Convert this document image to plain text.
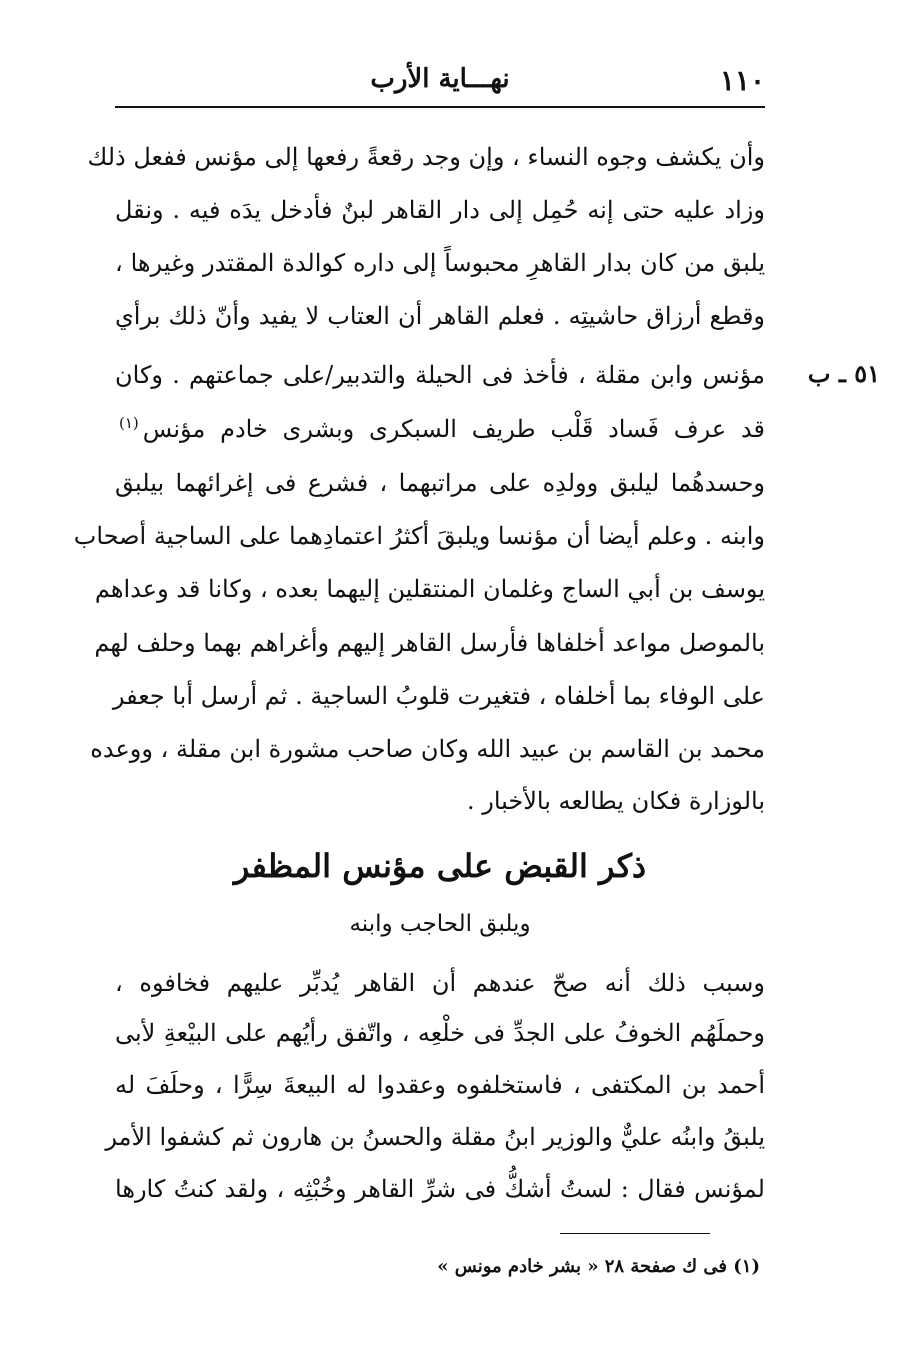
١١٠
نهـــاية الأرب
٥١ ـ ب
وأن يكشف وجوه النساء ، وإن وجد رقعةً رفعها إلى مؤنس ففعل ذلك
وزاد عليه حتى إنه حُمِل إلى دار القاهر لبنٌ فأدخل يدَه فيه . ونقل
يلبق من كان بدار القاهرِ محبوساً إلى داره كوالدة المقتدر وغيرها ،
وقطع أرزاق حاشيتِه . فعلم القاهر أن العتاب لا يفيد وأنّ ذلك برأي
مؤنس وابن مقلة ، فأخذ فى الحيلة والتدبير/على جماعتهم . وكان
قد عرف فَساد قَلْب طريف السبكرى وبشرى خادم مؤنس$^{(١)}$
وحسدهُما ليلبق وولدِه على مراتبهما ، فشرع فى إغرائهما بيلبق
وابنه . وعلم أيضا أن مؤنسا ويلبقَ أكثرُ اعتمادِهما على الساجية أصحاب
يوسف بن أبي الساج وغلمان المنتقلين إليهما بعده ، وكانا قد وعداهم
بالموصل مواعد أخلفاها فأرسل القاهر إليهم وأغراهم بهما وحلف لهم
على الوفاء بما أخلفاه ، فتغيرت قلوبُ الساجية . ثم أرسل أبا جعفر
محمد بن القاسم بن عبيد الله وكان صاحب مشورة ابن مقلة ، ووعده
بالوزارة فكان يطالعه بالأخبار .
ذكر القبض على مؤنس المظفر
ويلبق الحاجب وابنه
وسبب ذلك أنه صحّ عندهم أن القاهر يُدبِّر عليهم فخافوه ،
وحملَهُم الخوفُ على الجدِّ فى خلْعِه ، واتّفق رأيُهم على البيْعةِ لأبى
أحمد بن المكتفى ، فاستخلفوه وعقدوا له البيعةَ سِرًّا ، وحلَفَ له
يلبقُ وابنُه عليٌّ والوزير ابنُ مقلة والحسنُ بن هارون ثم كشفوا الأمر
لمؤنس فقال : لستُ أشكُّ فى شرِّ القاهر وخُبْثِه ، ولقد كنتُ كارها
(١) فى ك صفحة ٢٨ « بشر خادم مونس »
